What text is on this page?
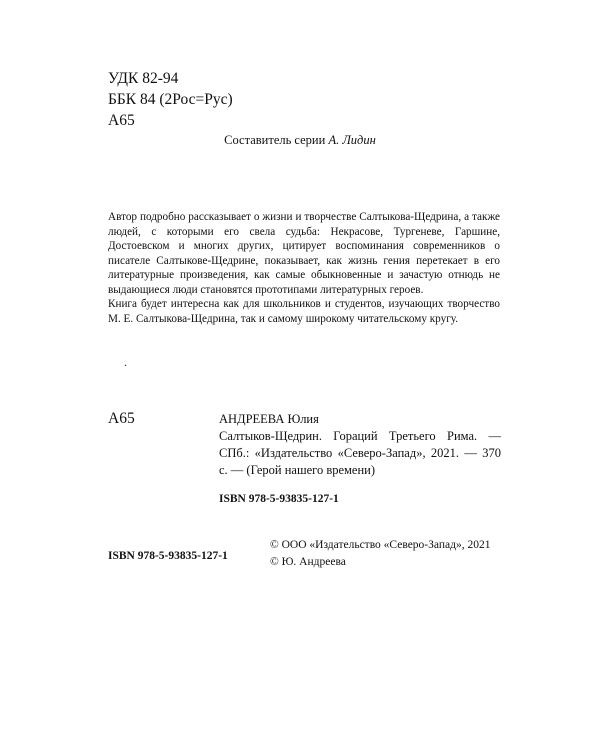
УДК 82-94
ББК 84 (2Рос=Рус)
А65
Составитель серии А. Лидин

Автор подробно рассказывает о жизни и творчестве Салтыкова-Щедрина, а также людей, с которыми его свела судьба: Некрасове, Тургеневе, Гаршине, Достоевском и многих других, цитирует воспоминания современников о писателе Салтыкове-Щедрине, показывает, как жизнь гения перетекает в его литературные произведения, как самые обыкновенные и зачастую отнюдь не выдающиеся люди становятся прототипами литературных героев.

Книга будет интересна как для школьников и студентов, изучающих творчество М. Е. Салтыкова-Щедрина, так и самому широкому читательскому кругу.

.
А65	АНДРЕЕВА Юлия
Салтыков-Щедрин. Гораций Третьего Рима. — СПб.: «Издательство «Северо-Запад», 2021. — 370 с. — (Герой нашего времени)
ISBN 978-5-93835-127-1
ISBN 978-5-93835-127-1
© ООО «Издательство «Северо-Запад», 2021
© Ю. Андреева
